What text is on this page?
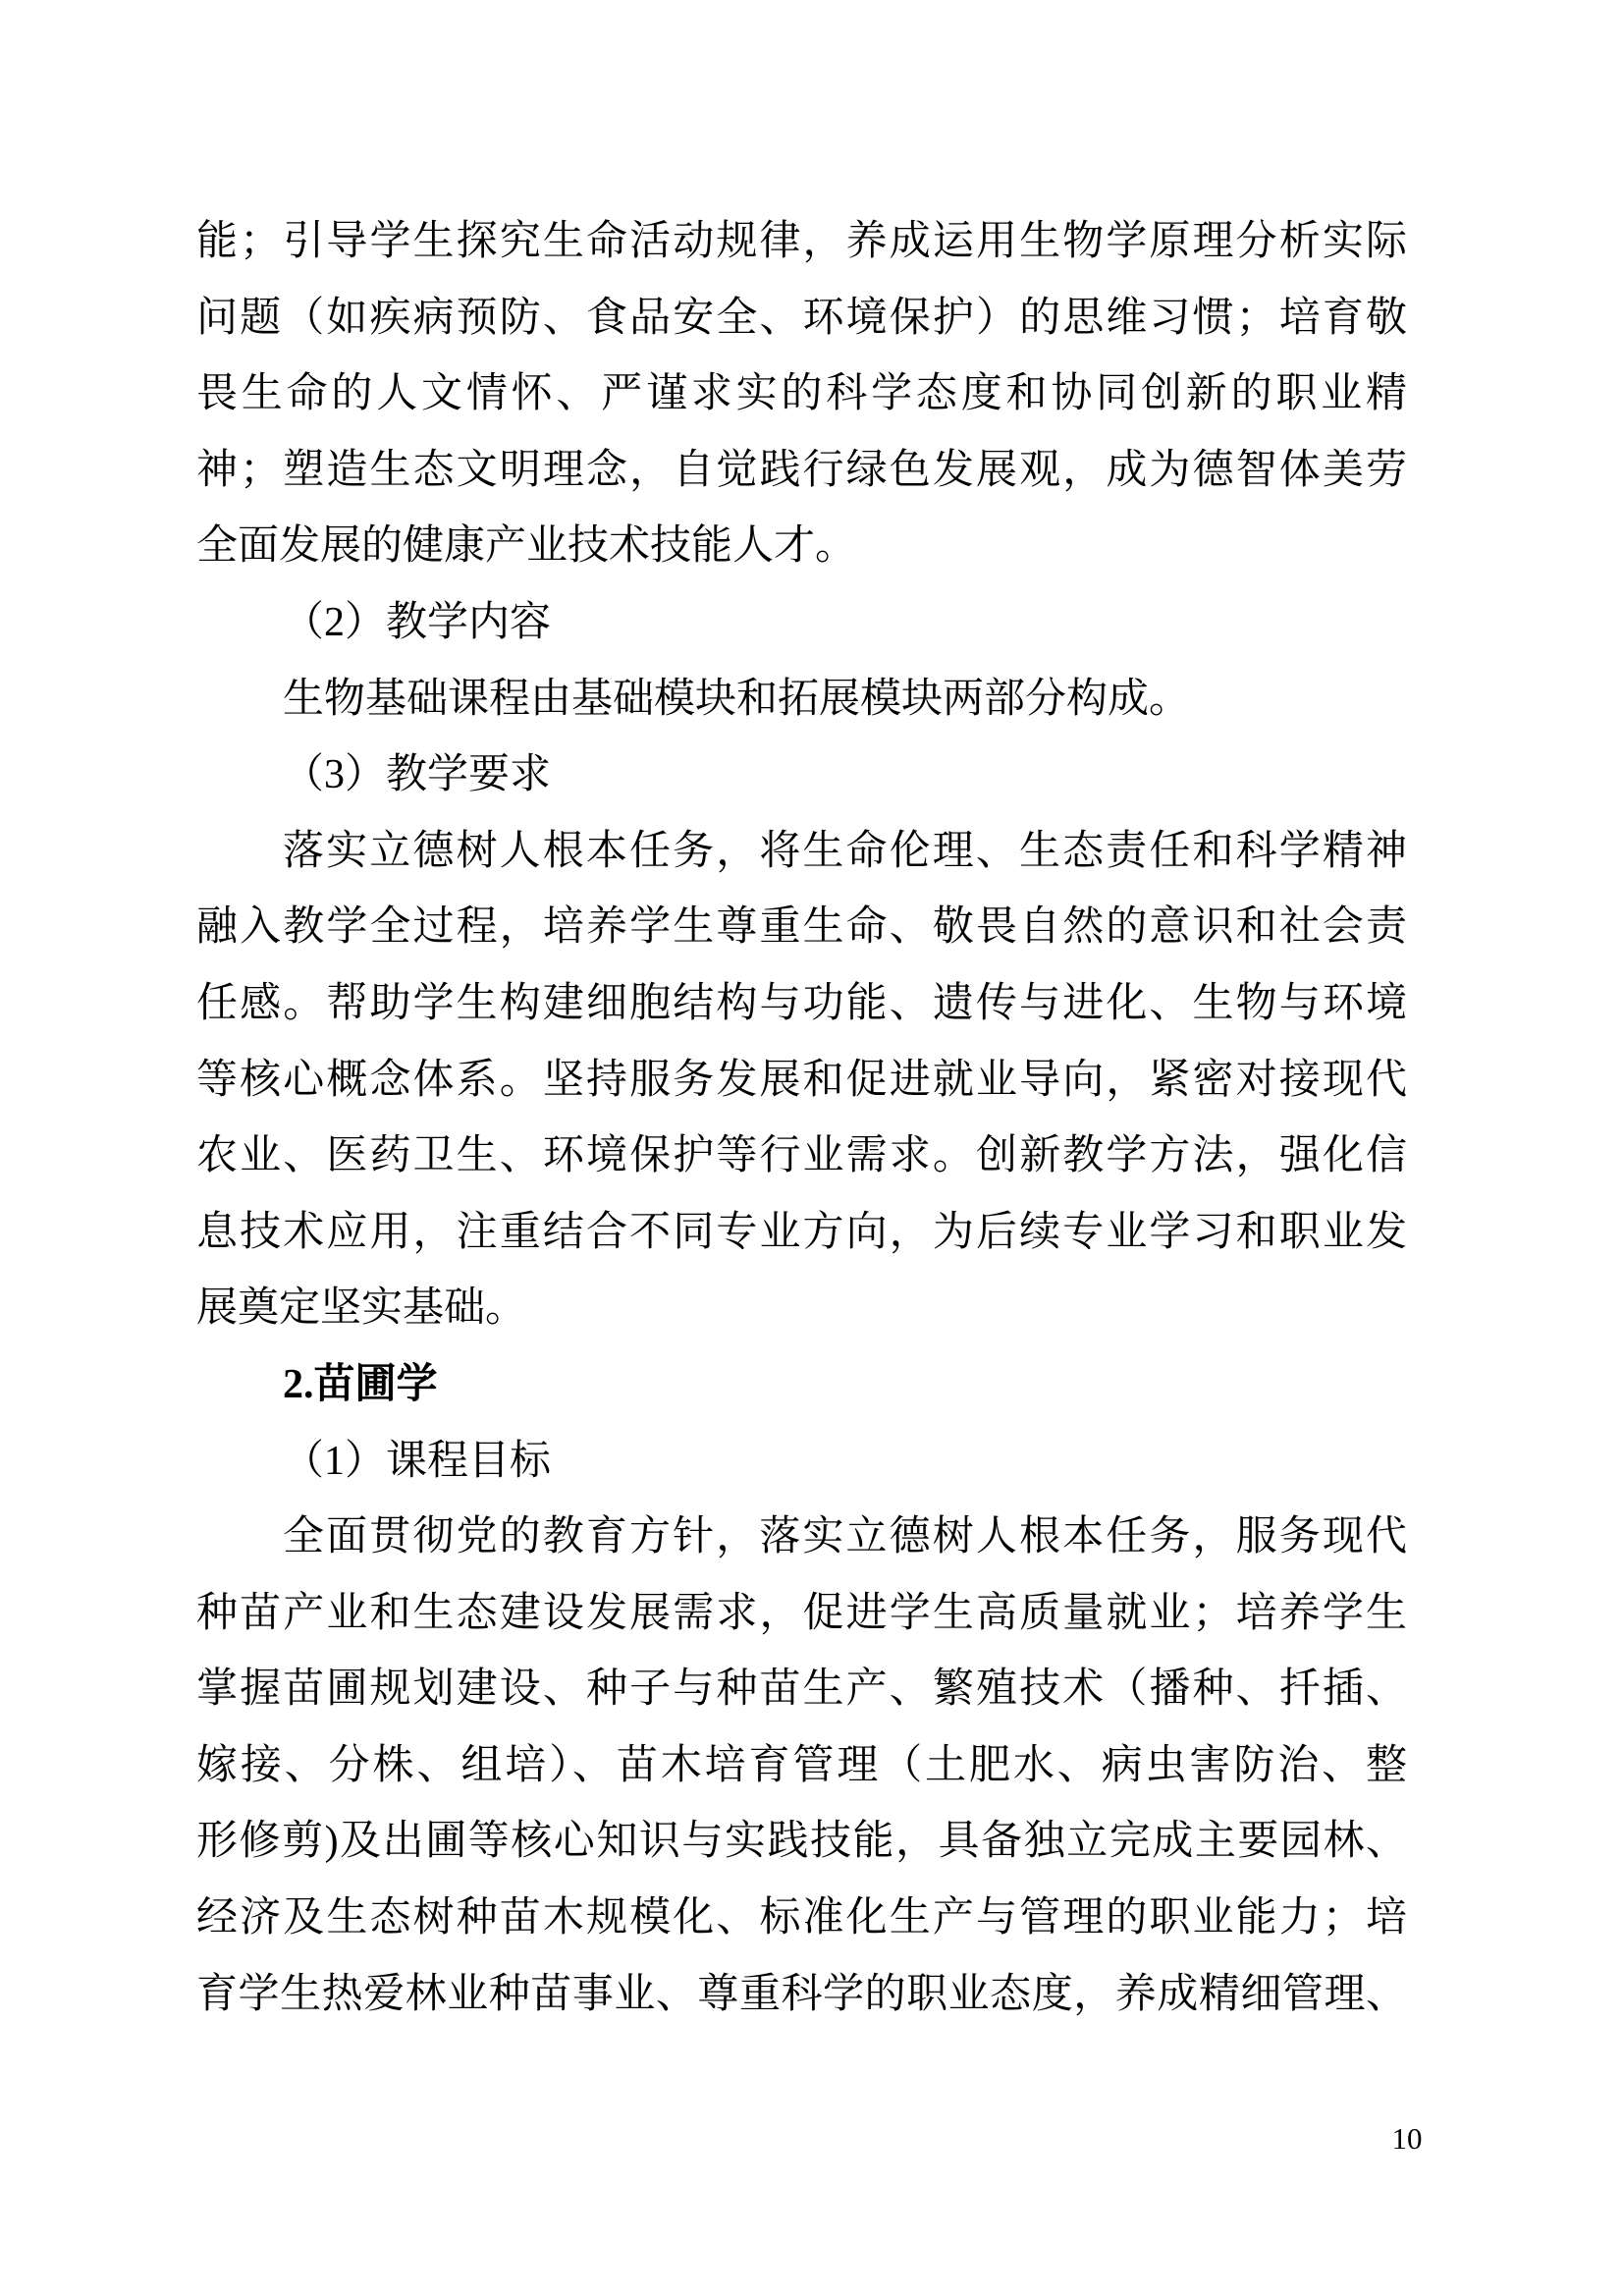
能；引导学生探究生命活动规律，养成运用生物学原理分析实际
问题（如疾病预防、食品安全、环境保护）的思维习惯；培育敬
畏生命的人文情怀、严谨求实的科学态度和协同创新的职业精
神；塑造生态文明理念，自觉践行绿色发展观，成为德智体美劳
全面发展的健康产业技术技能人才。
（2）教学内容
生物基础课程由基础模块和拓展模块两部分构成。
（3）教学要求
落实立德树人根本任务，将生命伦理、生态责任和科学精神
融入教学全过程，培养学生尊重生命、敬畏自然的意识和社会责
任感。帮助学生构建细胞结构与功能、遗传与进化、生物与环境
等核心概念体系。坚持服务发展和促进就业导向，紧密对接现代
农业、医药卫生、环境保护等行业需求。创新教学方法，强化信
息技术应用，注重结合不同专业方向，为后续专业学习和职业发
展奠定坚实基础。
2.苗圃学
（1）课程目标
全面贯彻党的教育方针，落实立德树人根本任务，服务现代
种苗产业和生态建设发展需求，促进学生高质量就业；培养学生
掌握苗圃规划建设、种子与种苗生产、繁殖技术（播种、扦插、
嫁接、分株、组培）、苗木培育管理（土肥水、病虫害防治、整
形修剪)及出圃等核心知识与实践技能，具备独立完成主要园林、
经济及生态树种苗木规模化、标准化生产与管理的职业能力；培
育学生热爱林业种苗事业、尊重科学的职业态度，养成精细管理、
10
